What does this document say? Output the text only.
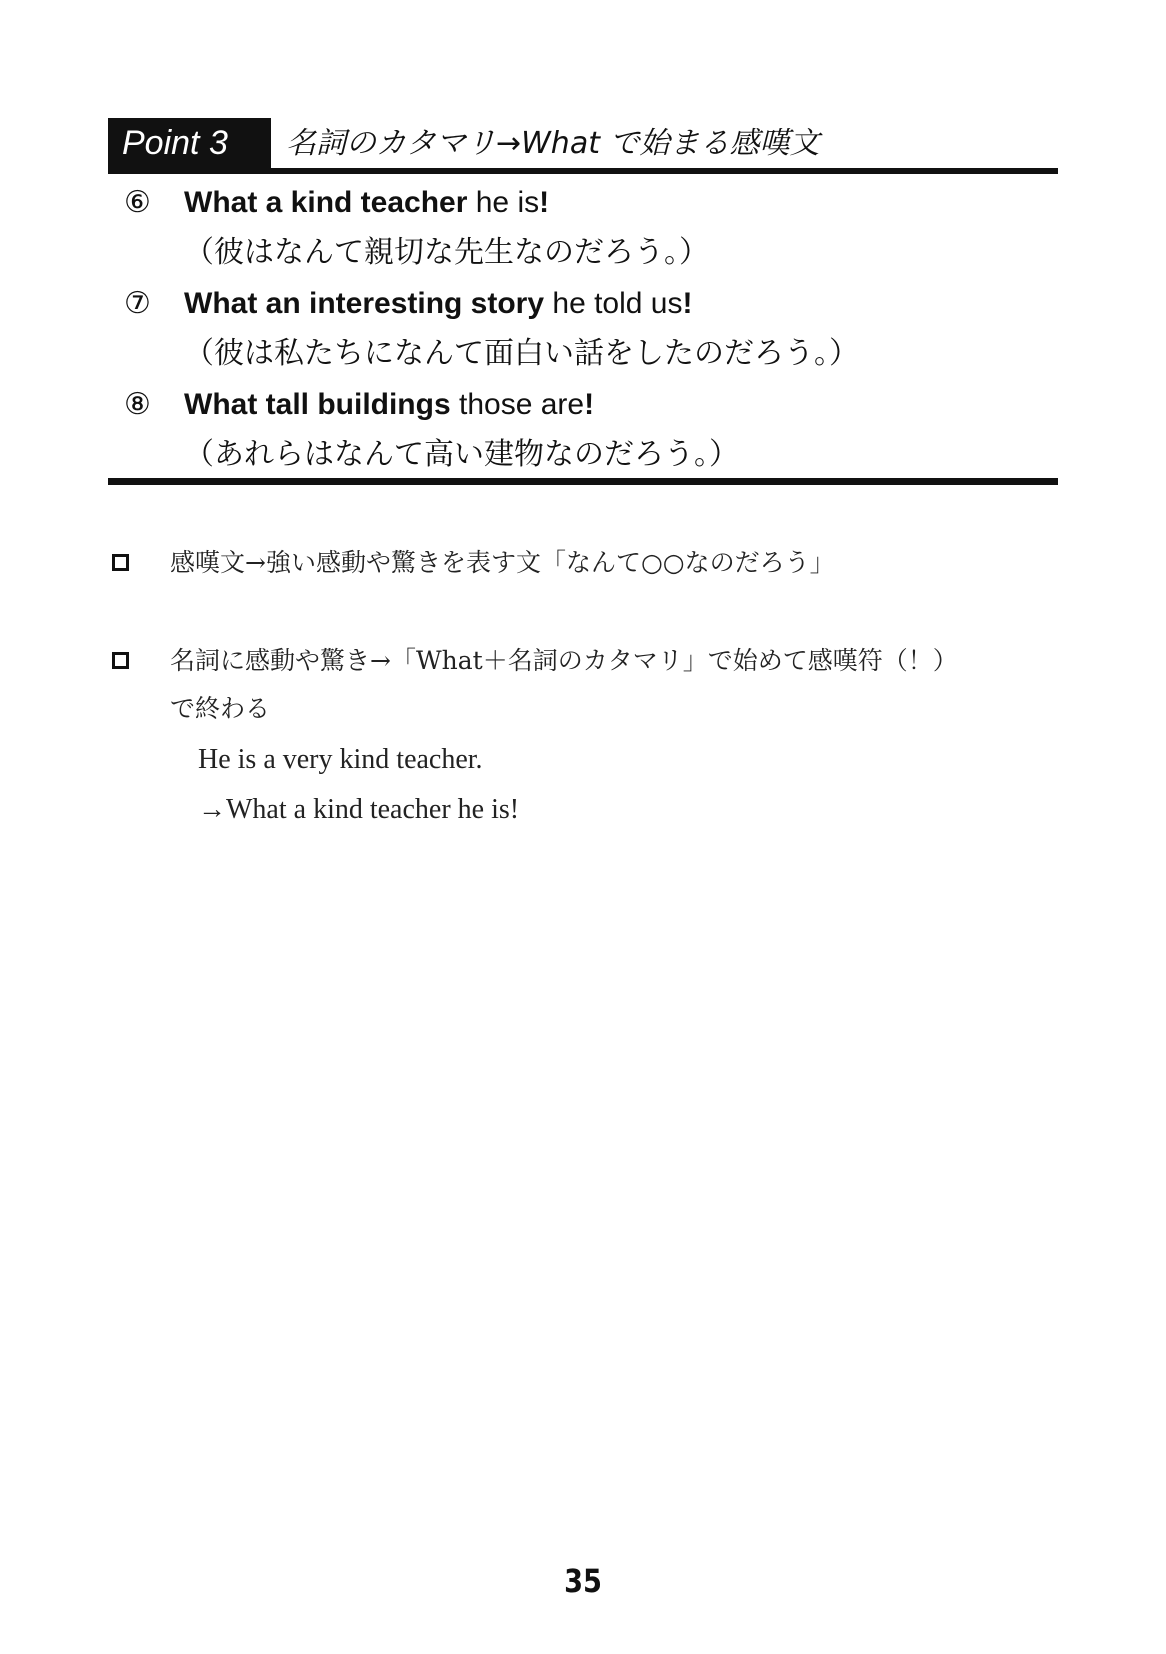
Point 3	名詞のカタマリ→What で始まる感嘆文
⑥ What a kind teacher he is!
（彼はなんて親切な先生なのだろう。）
⑦ What an interesting story he told us!
（彼は私たちになんて面白い話をしたのだろう。）
⑧ What tall buildings those are!
（あれらはなんて高い建物なのだろう。）
感嘆文→強い感動や驚きを表す文「なんて○○なのだろう」
名詞に感動や驚き→「What＋名詞のカタマリ」で始めて感嘆符（！）
で終わる
He is a very kind teacher.
→What a kind teacher he is!
35
